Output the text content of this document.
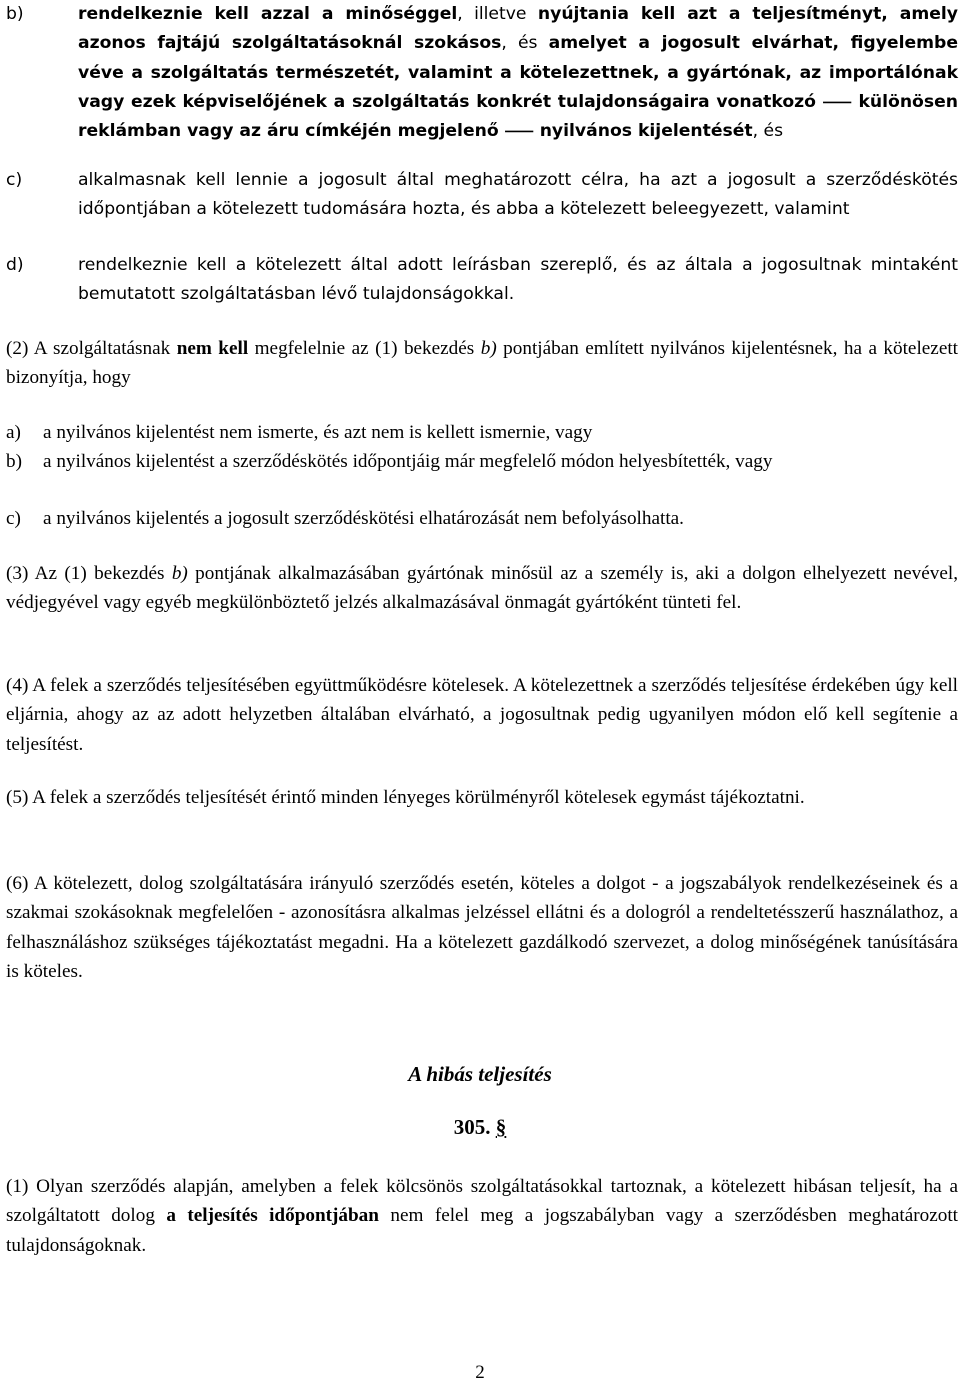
b)	rendelkeznie kell azzal a minőséggel, illetve nyújtania kell azt a teljesítményt, amely azonos fajtájú szolgáltatásoknál szokásos, és amelyet a jogosult elvárhat, figyelembe véve a szolgáltatás természetét, valamint a kötelezettnek, a gyártónak, az importálónak vagy ezek képviselőjének a szolgáltatás konkrét tulajdonságaira vonatkozó ⸺ különösen reklámban vagy az áru címkéjén megjelenő ⸺ nyilvános kijelentését, és
c)	alkalmasnak kell lennie a jogosult által meghatározott célra, ha azt a jogosult a szerződéskötés időpontjában a kötelezett tudomására hozta, és abba a kötelezett beleegyezett, valamint
d)	rendelkeznie kell a kötelezett által adott leírásban szereplő, és az általa a jogosultnak mintaként bemutatott szolgáltatásban lévő tulajdonságokkal.
(2) A szolgáltatásnak nem kell megfelelnie az (1) bekezdés b) pontjában említett nyilvános kijelentésnek, ha a kötelezett bizonyítja, hogy
a) a nyilvános kijelentést nem ismerte, és azt nem is kellett ismernie, vagy
b) a nyilvános kijelentést a szerződéskötés időpontjáig már megfelelő módon helyesbítették, vagy
c) a nyilvános kijelentés a jogosult szerződéskötési elhatározását nem befolyásolhatta.
(3) Az (1) bekezdés b) pontjának alkalmazásában gyártónak minősül az a személy is, aki a dolgon elhelyezett nevével, védjegyével vagy egyéb megkülönböztető jelzés alkalmazásával önmagát gyártóként tünteti fel.
(4) A felek a szerződés teljesítésében együttműködésre kötelesek. A kötelezettnek a szerződés teljesítése érdekében úgy kell eljárnia, ahogy az az adott helyzetben általában elvárható, a jogosultnak pedig ugyanilyen módon elő kell segítenie a teljesítést.
(5) A felek a szerződés teljesítését érintő minden lényeges körülményről kötelesek egymást tájékoztatni.
(6) A kötelezett, dolog szolgáltatására irányuló szerződés esetén, köteles a dolgot - a jogszabályok rendelkezéseinek és a szakmai szokásoknak megfelelően - azonosításra alkalmas jelzéssel ellátni és a dologról a rendeltetésszerű használathoz, a felhasználáshoz szükséges tájékoztatást megadni. Ha a kötelezett gazdálkodó szervezet, a dolog minőségének tanúsítására is köteles.
A hibás teljesítés
305. §
(1) Olyan szerződés alapján, amelyben a felek kölcsönös szolgáltatásokkal tartoznak, a kötelezett hibásan teljesít, ha a szolgáltatott dolog a teljesítés időpontjában nem felel meg a jogszabályban vagy a szerződésben meghatározott tulajdonságoknak.
2
